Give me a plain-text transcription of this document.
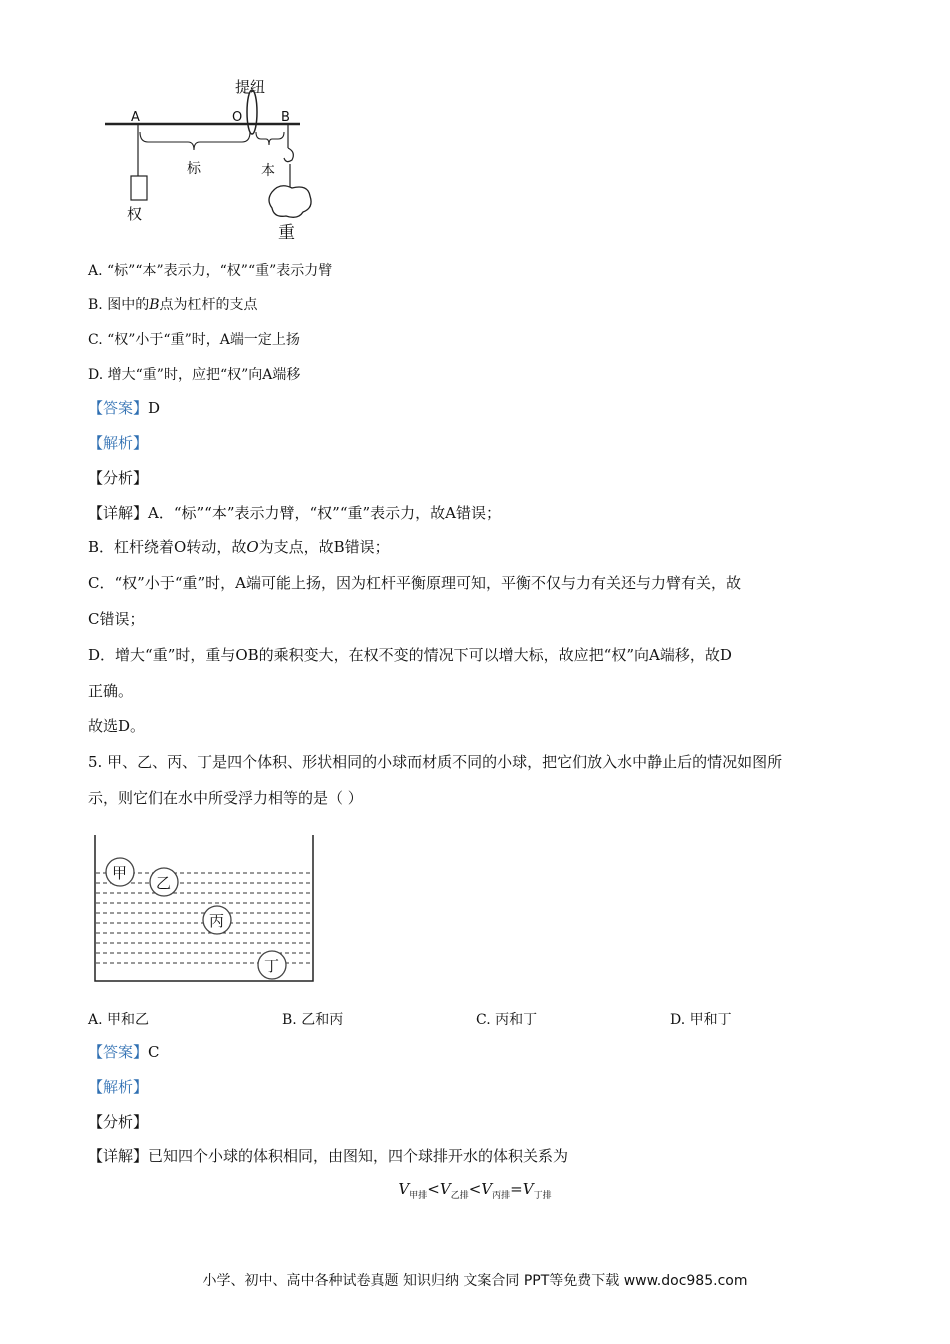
提纽
A	O	B
权
标	本
重
A. “标”“本”表示力，“权”“重”表示力臂
B. 图中的B点为杠杆的支点
C. “权”小于“重”时，A端一定上扬
D. 增大“重”时，应把“权”向A端移
【答案】D
【解析】
【分析】
【详解】A．“标”“本”表示力臂，“权”“重”表示力，故A错误；
B．杠杆绕着O转动，故O为支点，故B错误；
C．“权”小于“重”时，A端可能上扬，因为杠杆平衡原理可知，平衡不仅与力有关还与力臂有关，故
C错误；
D．增大“重”时，重与OB的乘积变大，在权不变的情况下可以增大标，故应把“权”向A端移，故D
正确。
故选D。
5. 甲、乙、丙、丁是四个体积、形状相同的小球而材质不同的小球，把它们放入水中静止后的情况如图所
示，则它们在水中所受浮力相等的是（ ）
甲
乙
丙
丁
A. 甲和乙	B. 乙和丙	C. 丙和丁	D. 甲和丁
【答案】C
【解析】
【分析】
【详解】已知四个小球的体积相同，由图知，四个球排开水的体积关系为
$V_{甲排}<V_{乙排}<V_{丙排}=V_{丁排}$
小学、初中、高中各种试卷真题 知识归纳 文案合同 PPT等免费下载 www.doc985.com
